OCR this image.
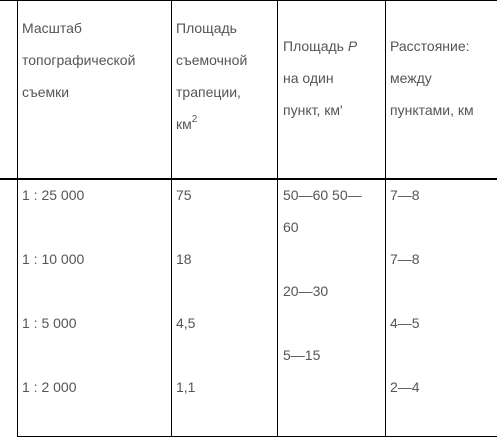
Масштаб
топографической
съемки
Площадь
съемочной
трапеции,
$км^2$
Площадь Р
на один
пункт, км'
Расстояние:
между
пунктами, км
1 : 25 000
1 : 10 000
1 : 5 000
1 : 2 000
75
18
4,5
1,1
50—60 50—
60
20—30
5—15
7—8
7—8
4—5
2—4
